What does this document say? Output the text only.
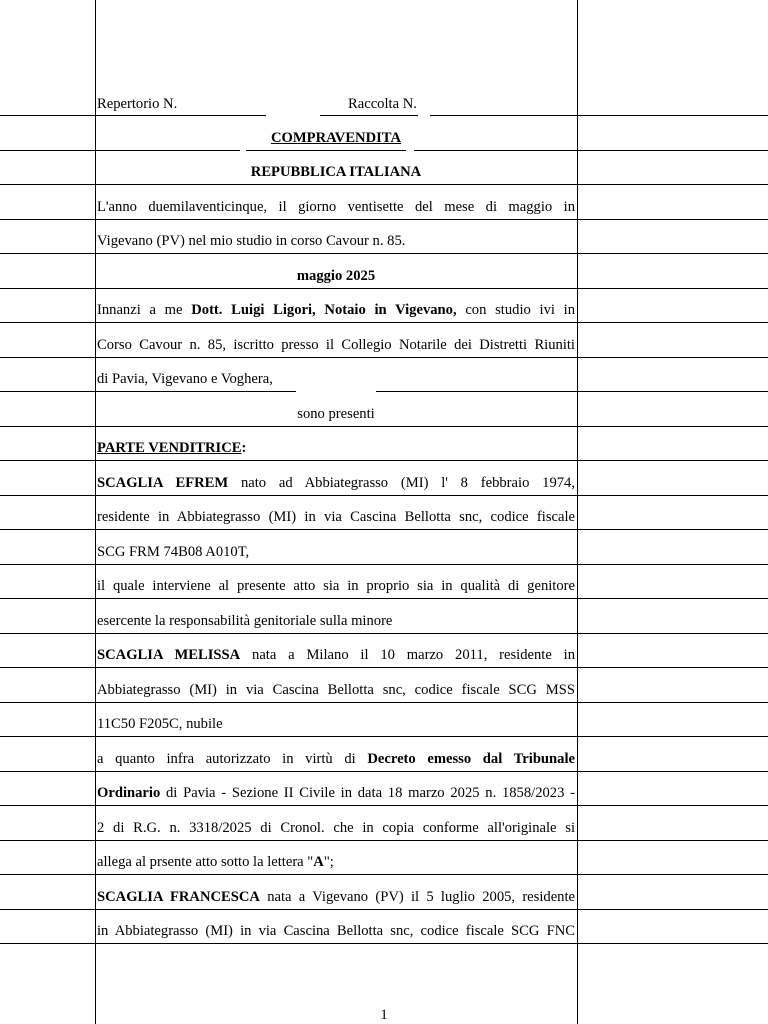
Repertorio N.	Raccolta N.
COMPRAVENDITA
REPUBBLICA ITALIANA
L'anno duemilaventicinque, il giorno ventisette del mese di maggio in
Vigevano (PV) nel mio studio in corso Cavour n. 85.
maggio 2025
Innanzi a me Dott. Luigi Ligori, Notaio in Vigevano, con studio ivi in
Corso Cavour n. 85, iscritto presso il Collegio Notarile dei Distretti Riuniti
di Pavia, Vigevano e Voghera,
sono presenti
PARTE VENDITRICE:
SCAGLIA EFREM nato ad Abbiategrasso (MI) l' 8 febbraio 1974,
residente in Abbiategrasso (MI) in via Cascina Bellotta snc, codice fiscale
SCG FRM 74B08 A010T,
il quale interviene al presente atto sia in proprio sia in qualità di genitore
esercente la responsabilità genitoriale sulla minore
SCAGLIA MELISSA nata a Milano il 10 marzo 2011, residente in
Abbiategrasso (MI) in via Cascina Bellotta snc, codice fiscale SCG MSS
11C50 F205C, nubile
a quanto infra autorizzato in virtù di Decreto emesso dal Tribunale
Ordinario di Pavia - Sezione II Civile in data 18 marzo 2025 n. 1858/2023 -
2 di R.G. n. 3318/2025 di Cronol. che in copia conforme all'originale si
allega al prsente atto sotto la lettera "A";
SCAGLIA FRANCESCA nata a Vigevano (PV) il 5 luglio 2005, residente
in Abbiategrasso (MI) in via Cascina Bellotta snc, codice fiscale SCG FNC
1
